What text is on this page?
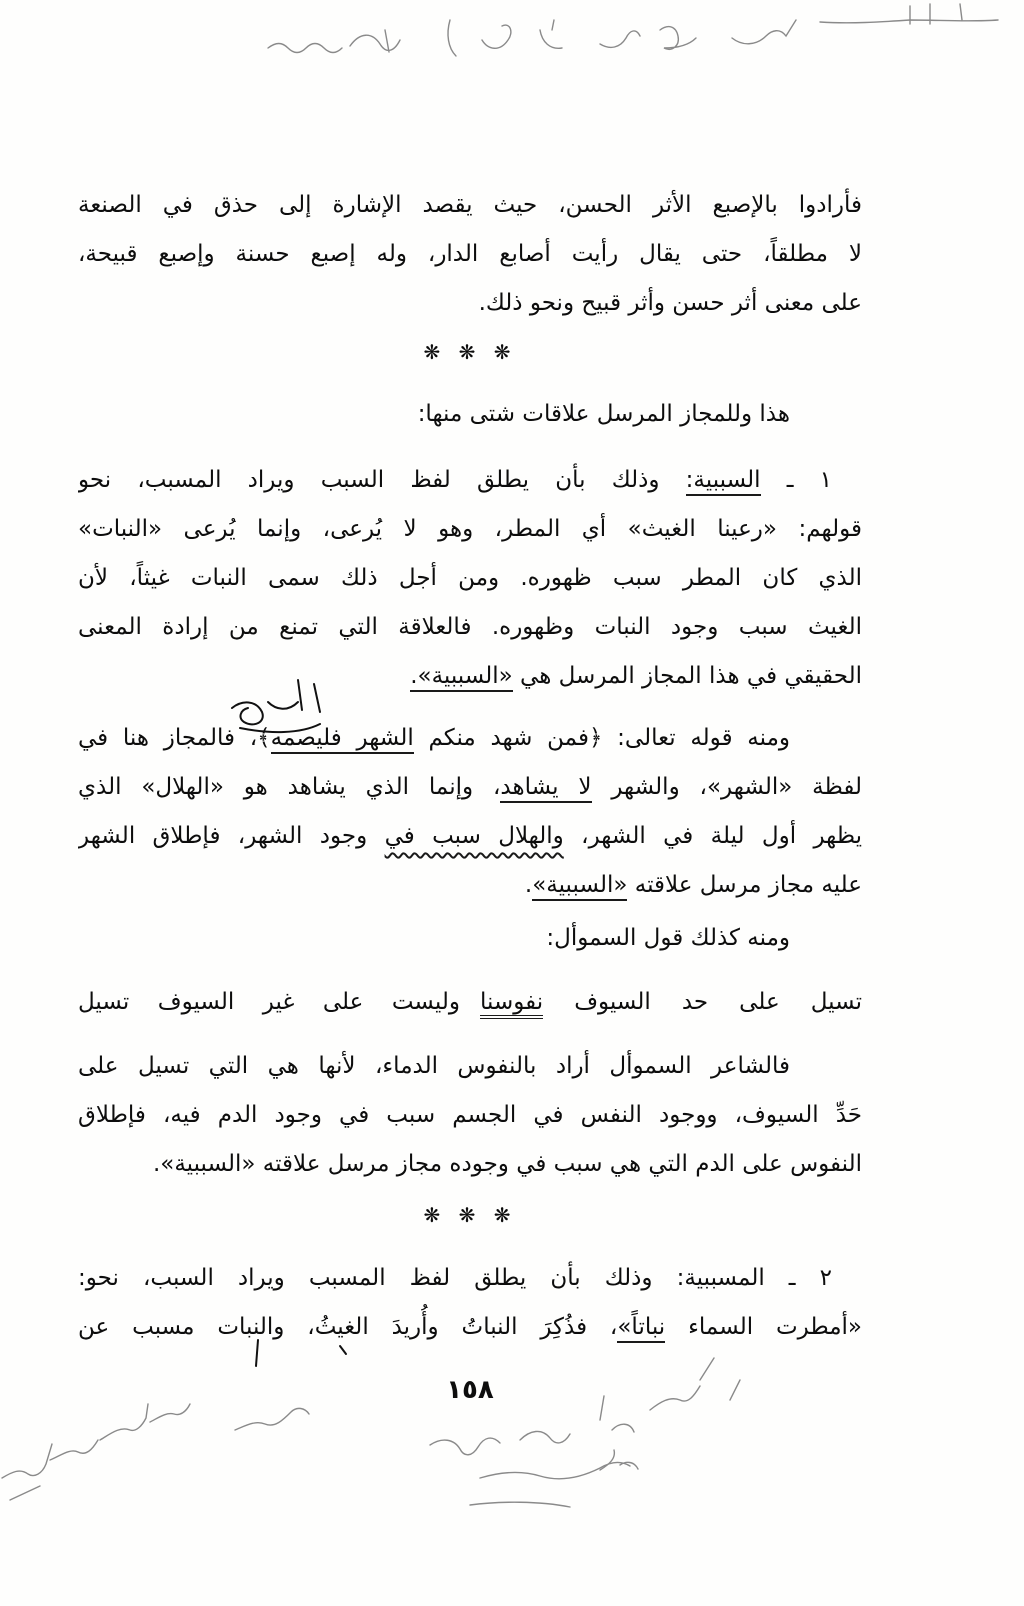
فأرادوا بالإصبع الأثر الحسن، حيث يقصد الإشارة إلى حذق في الصنعة
لا مطلقاً، حتى يقال رأيت أصابع الدار، وله إصبع حسنة وإصبع قبيحة،
على معنى أثر حسن وأثر قبيح ونحو ذلك.
❋ ❋ ❋
هذا وللمجاز المرسل علاقات شتى منها:
١ ـ السببية: وذلك بأن يطلق لفظ السبب ويراد المسبب، نحو
قولهم: «رعينا الغيث» أي المطر، وهو لا يُرعى، وإنما يُرعى «النبات»
الذي كان المطر سبب ظهوره. ومن أجل ذلك سمى النبات غيثاً، لأن
الغيث سبب وجود النبات وظهوره. فالعلاقة التي تمنع من إرادة المعنى
الحقيقي في هذا المجاز المرسل هي «السببية».
ومنه قوله تعالى: ﴿فمن شهد منكم الشهر فليصمه﴾، فالمجاز هنا في
لفظة «الشهر»، والشهر لا يشاهد، وإنما الذي يشاهد هو «الهلال» الذي
يظهر أول ليلة في الشهر، والهلال سبب في وجود الشهر، فإطلاق الشهر
عليه مجاز مرسل علاقته «السببية».
ومنه كذلك قول السموأل:
تسيل على حد السيوف نفوسنا
وليست على غير السيوف تسيل
فالشاعر السموأل أراد بالنفوس الدماء، لأنها هي التي تسيل على
حَدِّ السيوف، ووجود النفس في الجسم سبب في وجود الدم فيه، فإطلاق
النفوس على الدم التي هي سبب في وجوده مجاز مرسل علاقته «السببية».
❋ ❋ ❋
٢ ـ المسببية: وذلك بأن يطلق لفظ المسبب ويراد السبب، نحو:
«أمطرت السماء نباتاً»، فذُكِرَ النباتُ وأُريدَ الغيثُ، والنبات مسبب عن
١٥٨
